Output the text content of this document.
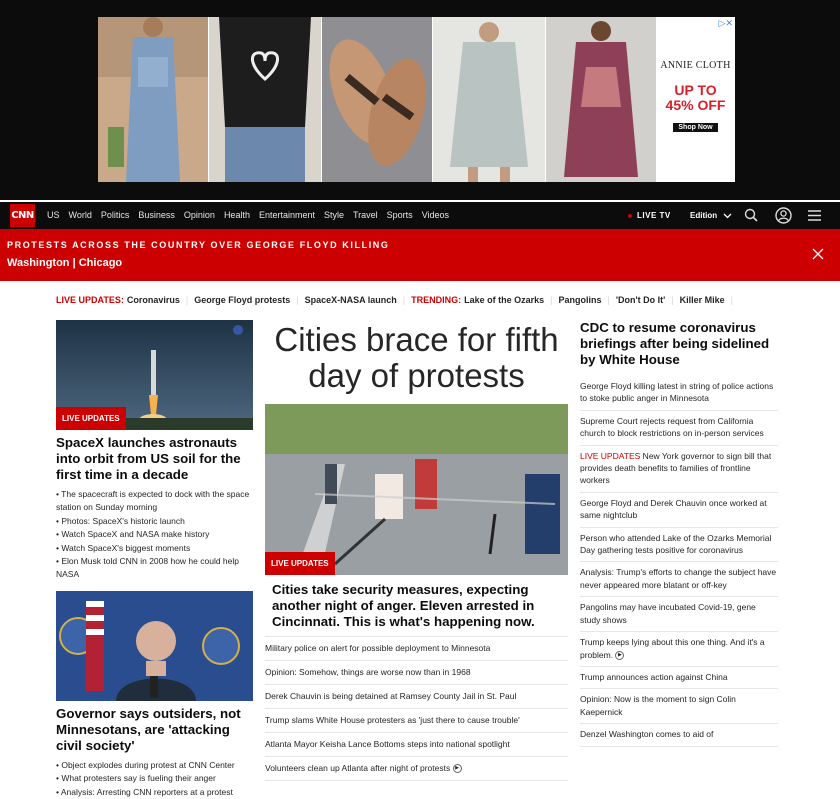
▷✕
ANNIE CLOTH
UP TO
45% OFF
Shop Now
CNN US World Politics Business Opinion Health Entertainment Style Travel Sports Videos	LIVE TV Edition
PROTESTS ACROSS THE COUNTRY OVER GEORGE FLOYD KILLING
Washington | Chicago
LIVE UPDATES: Coronavirus | George Floyd protests | SpaceX-NASA launch | TRENDING: Lake of the Ozarks | Pangolins | 'Don't Do It' | Killer Mike |
LIVE UPDATES
SpaceX launches astronauts into orbit from US soil for the first time in a decade
• The spacecraft is expected to dock with the space station on Sunday morning
• Photos: SpaceX's historic launch
• Watch SpaceX and NASA make history
• Watch SpaceX's biggest moments
• Elon Musk told CNN in 2008 how he could help NASA
Governor says outsiders, not Minnesotans, are 'attacking civil society'
• Object explodes during protest at CNN Center
• What protesters say is fueling their anger
• Analysis: Arresting CNN reporters at a protest
Cities brace for fifth day of protests
LIVE UPDATES
Cities take security measures, expecting another night of anger. Eleven arrested in Cincinnati. This is what's happening now.
Military police on alert for possible deployment to Minnesota
Opinion: Somehow, things are worse now than in 1968
Derek Chauvin is being detained at Ramsey County Jail in St. Paul
Trump slams White House protesters as 'just there to cause trouble'
Atlanta Mayor Keisha Lance Bottoms steps into national spotlight
Volunteers clean up Atlanta after night of protests ▶
CDC to resume coronavirus briefings after being sidelined by White House
George Floyd killing latest in string of police actions to stoke public anger in Minnesota
Supreme Court rejects request from California church to block restrictions on in-person services
LIVE UPDATES New York governor to sign bill that provides death benefits to families of frontline workers
George Floyd and Derek Chauvin once worked at same nightclub
Person who attended Lake of the Ozarks Memorial Day gathering tests positive for coronavirus
Analysis: Trump's efforts to change the subject have never appeared more blatant or off-key
Pangolins may have incubated Covid-19, gene study shows
Trump keeps lying about this one thing. And it's a problem. ▶
Trump announces action against China
Opinion: Now is the moment to sign Colin Kaepernick
Denzel Washington comes to aid of
